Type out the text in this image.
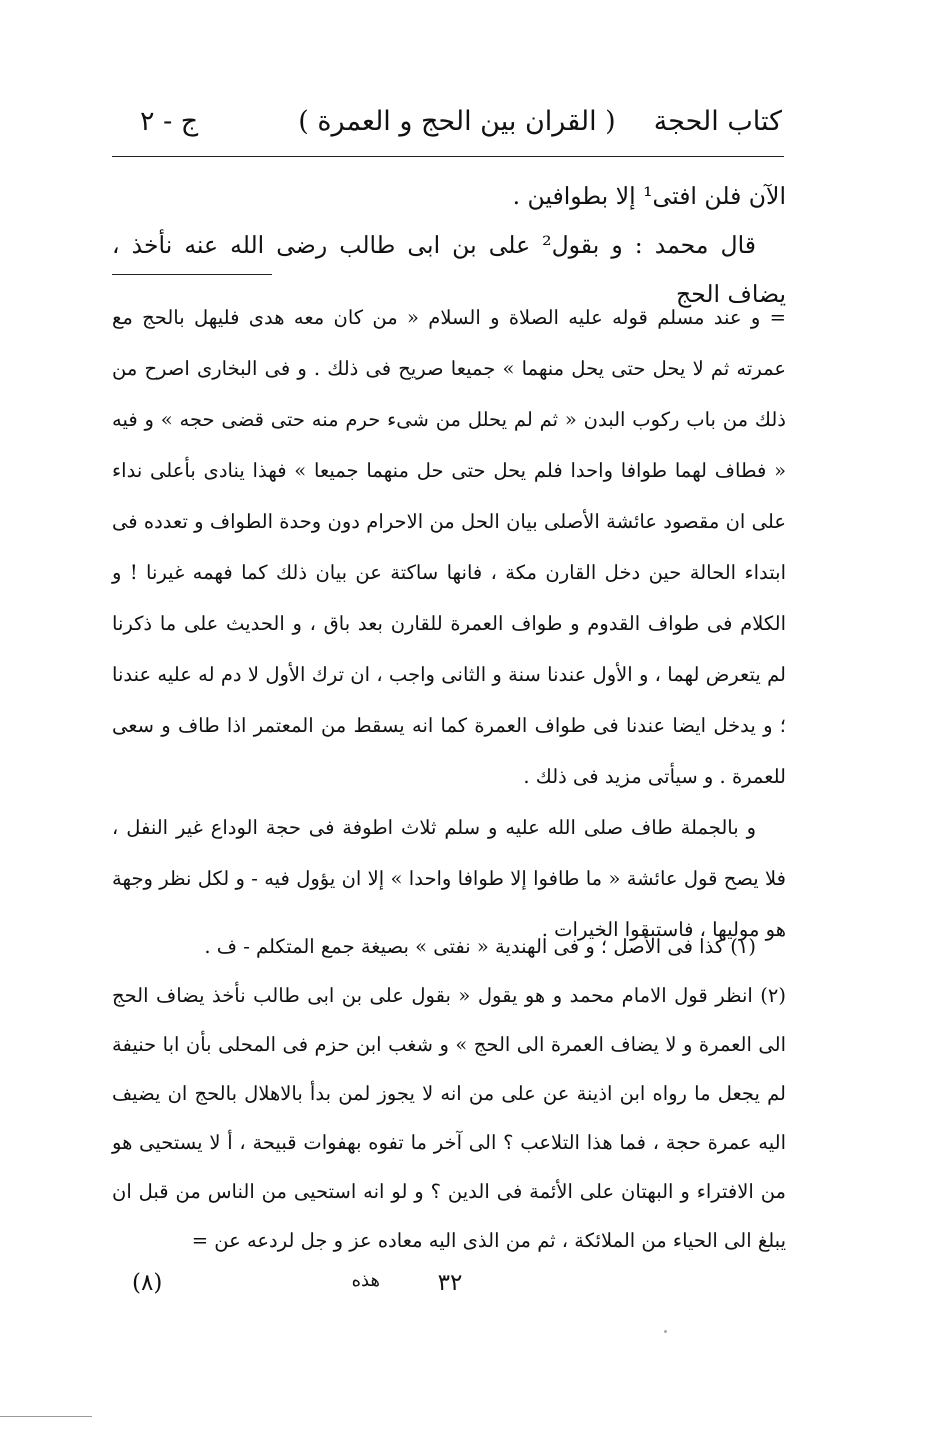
كتاب الحجة
( القران بين الحج و العمرة )
ج - ٢

الآن فلن افتى¹ إلا بطوافين .

قال محمد : و بقول² على بن ابى طالب رضى الله عنه نأخذ ، يضاف الحج

= و عند مسلم قوله عليه الصلاة و السلام « من كان معه هدى فليهل بالحج مع عمرته ثم لا يحل حتى يحل منهما » جميعا صريح فى ذلك . و فى البخارى اصرح من ذلك من باب ركوب البدن « ثم لم يحلل من شىء حرم منه حتى قضى حجه » و فيه « فطاف لهما طوافا واحدا فلم يحل حتى حل منهما جميعا » فهذا ينادى بأعلى نداء على ان مقصود عائشة الأصلى بيان الحل من الاحرام دون وحدة الطواف و تعدده فى ابتداء الحالة حين دخل القارن مكة ، فانها ساكتة عن بيان ذلك كما فهمه غيرنا ! و الكلام فى طواف القدوم و طواف العمرة للقارن بعد باق ، و الحديث على ما ذكرنا لم يتعرض لهما ، و الأول عندنا سنة و الثانى واجب ، ان ترك الأول لا دم له عليه عندنا ؛ و يدخل ايضا عندنا فى طواف العمرة كما انه يسقط من المعتمر اذا طاف و سعى للعمرة . و سيأتى مزيد فى ذلك .

و بالجملة طاف صلى الله عليه و سلم ثلاث اطوفة فى حجة الوداع غير النفل ، فلا يصح قول عائشة « ما طافوا إلا طوافا واحدا » إلا ان يؤول فيه - و لكل نظر وجهة هو موليها ، فاستبقوا الخيرات .

(١) كذا فى الأصل ؛ و فى الهندية « نفتى » بصيغة جمع المتكلم - ف .

(٢) انظر قول الامام محمد و هو يقول « بقول على بن ابى طالب نأخذ يضاف الحج الى العمرة و لا يضاف العمرة الى الحج » و شغب ابن حزم فى المحلى بأن ابا حنيفة لم يجعل ما رواه ابن اذينة عن على من انه لا يجوز لمن بدأ بالاهلال بالحج ان يضيف اليه عمرة حجة ، فما هذا التلاعب ؟ الى آخر ما تفوه بهفوات قبيحة ، أ لا يستحيى هو من الافتراء و البهتان على الأئمة فى الدين ؟ و لو انه استحيى من الناس من قبل ان يبلغ الى الحياء من الملائكة ، ثم من الذى اليه معاده عز و جل لردعه عن =

٣٢
هذه
(٨)
